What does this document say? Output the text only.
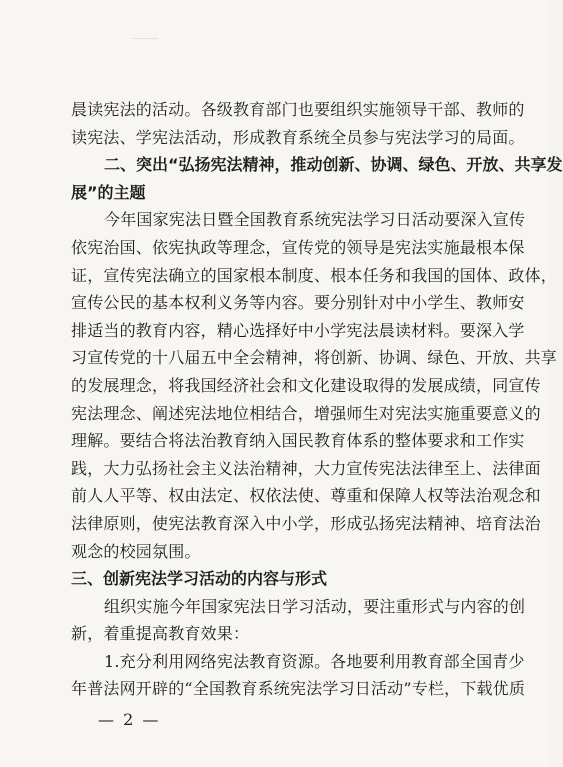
晨读宪法的活动。各级教育部门也要组织实施领导干部、教师的
读宪法、学宪法活动，形成教育系统全员参与宪法学习的局面。
二、突出“弘扬宪法精神，推动创新、协调、绿色、开放、共享发
展”的主题
今年国家宪法日暨全国教育系统宪法学习日活动要深入宣传
依宪治国、依宪执政等理念，宣传党的领导是宪法实施最根本保
证，宣传宪法确立的国家根本制度、根本任务和我国的国体、政体，
宣传公民的基本权利义务等内容。要分别针对中小学生、教师安
排适当的教育内容，精心选择好中小学宪法晨读材料。要深入学
习宣传党的十八届五中全会精神，将创新、协调、绿色、开放、共享
的发展理念，将我国经济社会和文化建设取得的发展成绩，同宣传
宪法理念、阐述宪法地位相结合，增强师生对宪法实施重要意义的
理解。要结合将法治教育纳入国民教育体系的整体要求和工作实
践，大力弘扬社会主义法治精神，大力宣传宪法法律至上、法律面
前人人平等、权由法定、权依法使、尊重和保障人权等法治观念和
法律原则，使宪法教育深入中小学，形成弘扬宪法精神、培育法治
观念的校园氛围。
三、创新宪法学习活动的内容与形式
组织实施今年国家宪法日学习活动，要注重形式与内容的创
新，着重提高教育效果：
1.充分利用网络宪法教育资源。各地要利用教育部全国青少
年普法网开辟的“全国教育系统宪法学习日活动”专栏，下载优质
— 2 —
